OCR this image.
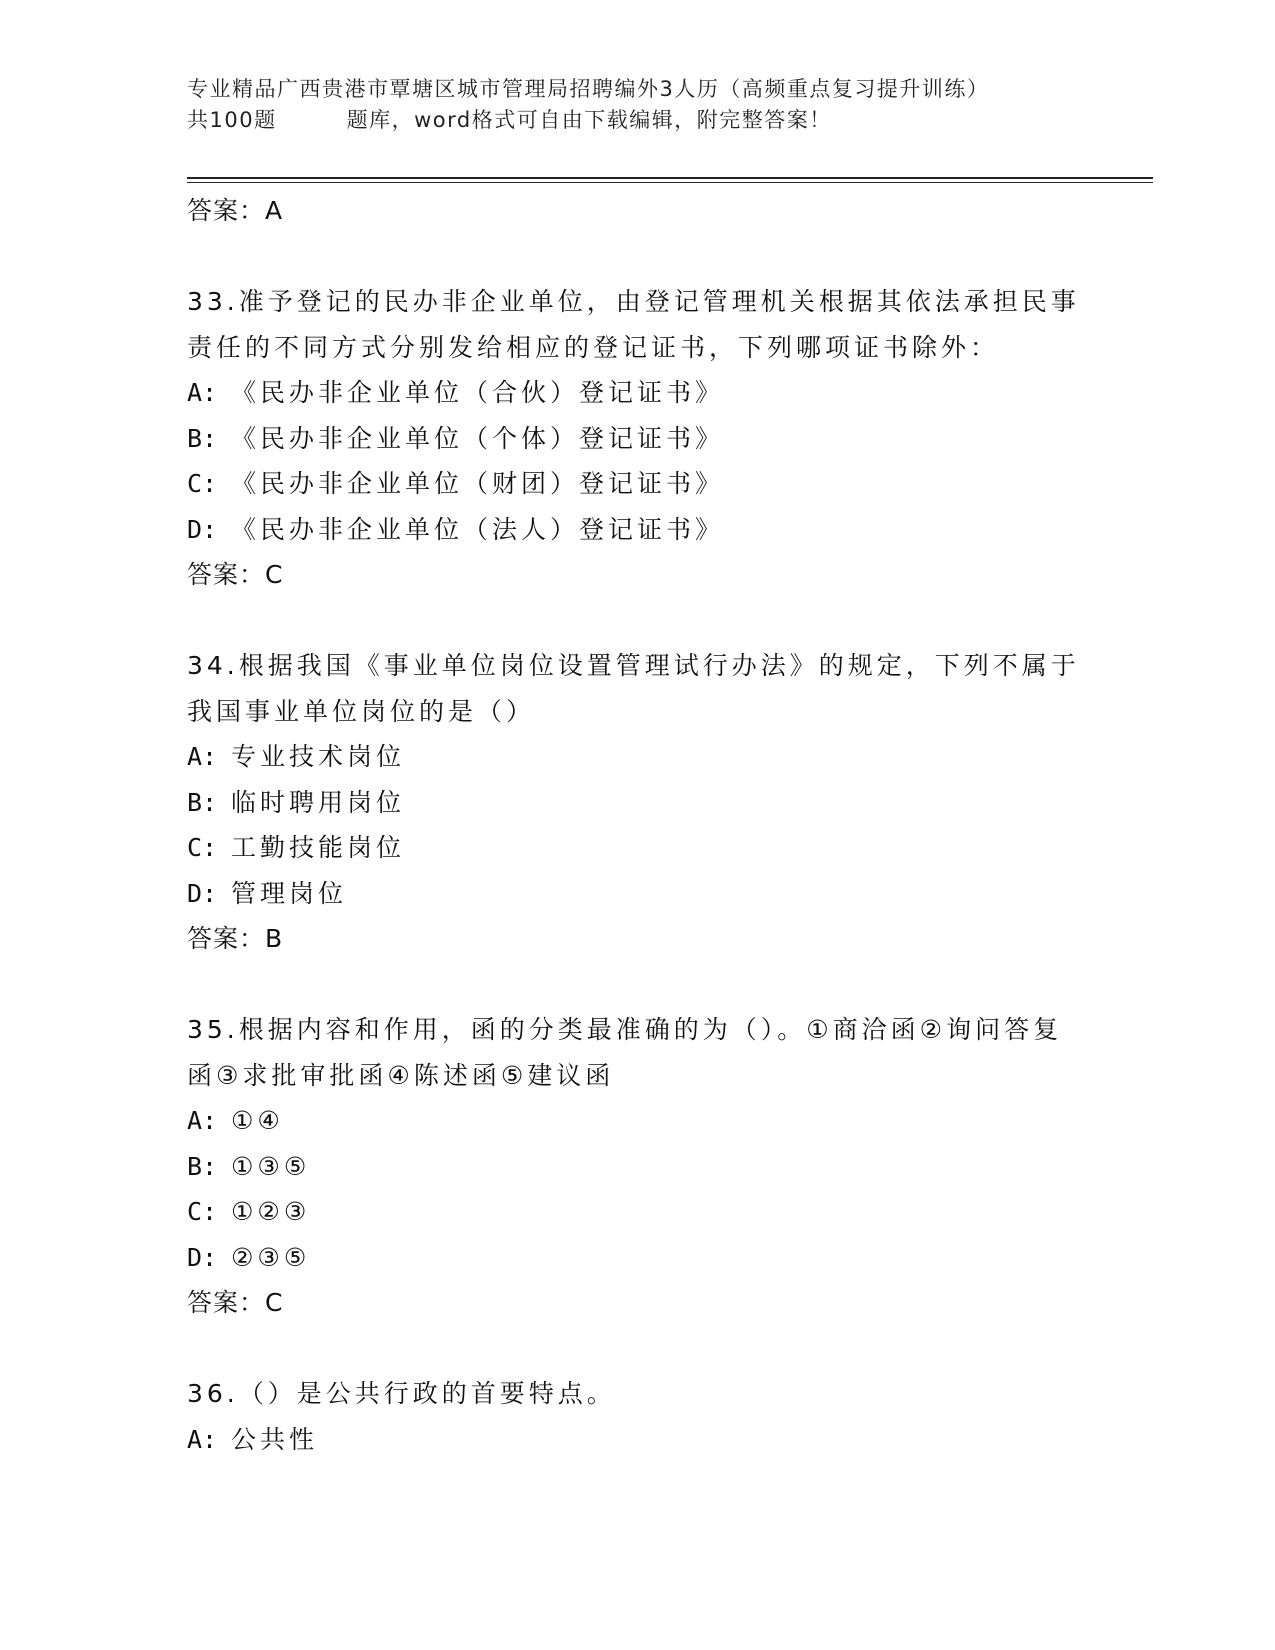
专业精品广西贵港市覃塘区城市管理局招聘编外3人历（高频重点复习提升训练）
共100题	题库，word格式可自由下载编辑，附完整答案！
答案：A
33.准予登记的民办非企业单位，由登记管理机关根据其依法承担民事责任的不同方式分别发给相应的登记证书，下列哪项证书除外：
A: 《民办非企业单位（合伙）登记证书》
B: 《民办非企业单位（个体）登记证书》
C: 《民办非企业单位（财团）登记证书》
D: 《民办非企业单位（法人）登记证书》
答案：C
34.根据我国《事业单位岗位设置管理试行办法》的规定，下列不属于我国事业单位岗位的是（）
A: 专业技术岗位
B: 临时聘用岗位
C: 工勤技能岗位
D: 管理岗位
答案：B
35.根据内容和作用，函的分类最准确的为（）。①商洽函②询问答复函③求批审批函④陈述函⑤建议函
A: ①④
B: ①③⑤
C: ①②③
D: ②③⑤
答案：C
36.（）是公共行政的首要特点。
A: 公共性
